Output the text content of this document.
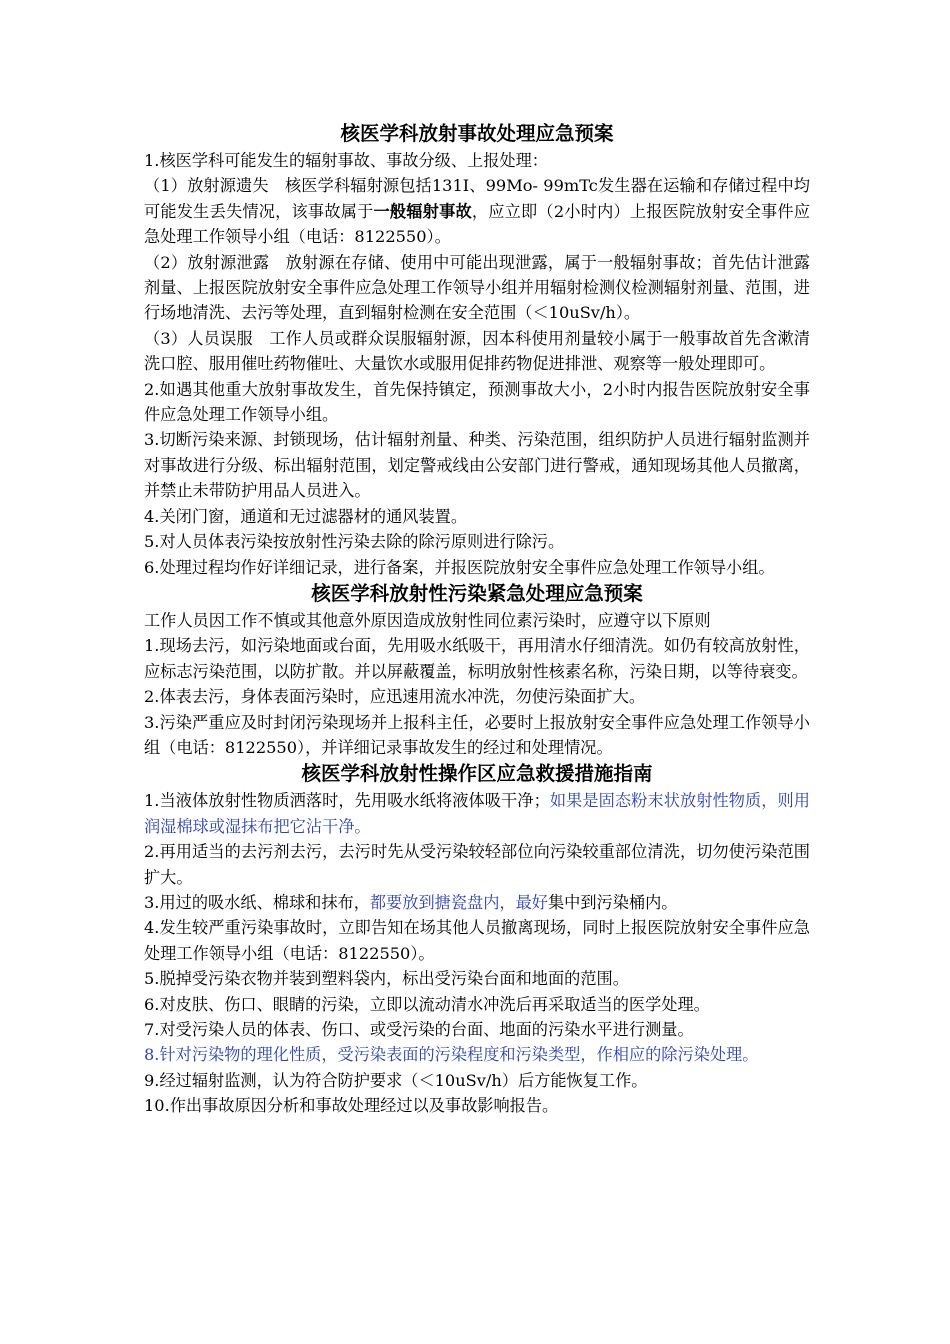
核医学科放射事故处理应急预案

1.核医学科可能发生的辐射事故、事故分级、上报处理：

（1）放射源遗失　核医学科辐射源包括131I、99Mo- 99mTc发生器在运输和存储过程中均可能发生丢失情况，该事故属于一般辐射事故，应立即（2小时内）上报医院放射安全事件应急处理工作领导小组（电话：8122550）。

（2）放射源泄露　放射源在存储、使用中可能出现泄露，属于一般辐射事故；首先估计泄露剂量、上报医院放射安全事件应急处理工作领导小组并用辐射检测仪检测辐射剂量、范围，进行场地清洗、去污等处理，直到辐射检测在安全范围（＜10uSv/h）。

（3）人员误服　工作人员或群众误服辐射源，因本科使用剂量较小属于一般事故首先含漱清洗口腔、服用催吐药物催吐、大量饮水或服用促排药物促进排泄、观察等一般处理即可。

2.如遇其他重大放射事故发生，首先保持镇定，预测事故大小，2小时内报告医院放射安全事件应急处理工作领导小组。

3.切断污染来源、封锁现场，估计辐射剂量、种类、污染范围，组织防护人员进行辐射监测并对事故进行分级、标出辐射范围，划定警戒线由公安部门进行警戒，通知现场其他人员撤离，并禁止未带防护用品人员进入。

4.关闭门窗，通道和无过滤器材的通风装置。

5.对人员体表污染按放射性污染去除的除污原则进行除污。

6.处理过程均作好详细记录，进行备案，并报医院放射安全事件应急处理工作领导小组。

核医学科放射性污染紧急处理应急预案

工作人员因工作不慎或其他意外原因造成放射性同位素污染时，应遵守以下原则

1.现场去污，如污染地面或台面，先用吸水纸吸干，再用清水仔细清洗。如仍有较高放射性，应标志污染范围，以防扩散。并以屏蔽覆盖，标明放射性核素名称，污染日期，以等待衰变。

2.体表去污，身体表面污染时，应迅速用流水冲洗，勿使污染面扩大。

3.污染严重应及时封闭污染现场并上报科主任，必要时上报放射安全事件应急处理工作领导小组（电话：8122550），并详细记录事故发生的经过和处理情况。

核医学科放射性操作区应急救援措施指南

1.当液体放射性物质洒落时，先用吸水纸将液体吸干净；如果是固态粉末状放射性物质，则用润湿棉球或湿抹布把它沾干净。

2.再用适当的去污剂去污，去污时先从受污染较轻部位向污染较重部位清洗，切勿使污染范围扩大。

3.用过的吸水纸、棉球和抹布，都要放到搪瓷盘内，最好集中到污染桶内。

4.发生较严重污染事故时，立即告知在场其他人员撤离现场，同时上报医院放射安全事件应急处理工作领导小组（电话：8122550）。

5.脱掉受污染衣物并装到塑料袋内，标出受污染台面和地面的范围。

6.对皮肤、伤口、眼睛的污染，立即以流动清水冲洗后再采取适当的医学处理。

7.对受污染人员的体表、伤口、或受污染的台面、地面的污染水平进行测量。

8.针对污染物的理化性质，受污染表面的污染程度和污染类型，作相应的除污染处理。

9.经过辐射监测，认为符合防护要求（＜10uSv/h）后方能恢复工作。

10.作出事故原因分析和事故处理经过以及事故影响报告。
